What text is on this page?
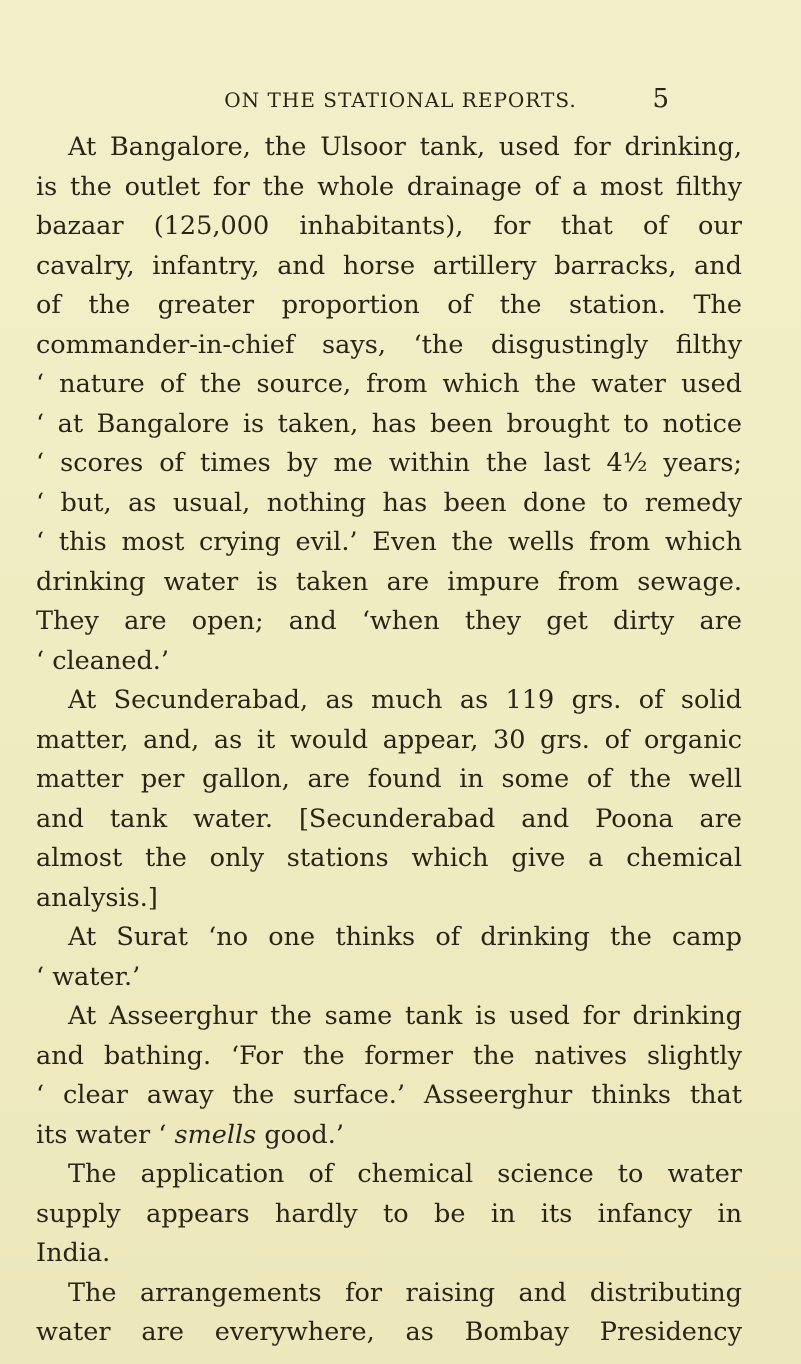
ON THE STATIONAL REPORTS.	5
At Bangalore, the Ulsoor tank, used for drinking,
is the outlet for the whole drainage of a most filthy
bazaar (125,000 inhabitants), for that of our
cavalry, infantry, and horse artillery barracks, and
of the greater proportion of the station. The
commander-in-chief says, ‘the disgustingly filthy
‘ nature of the source, from which the water used
‘ at Bangalore is taken, has been brought to notice
‘ scores of times by me within the last 4½ years;
‘ but, as usual, nothing has been done to remedy
‘ this most crying evil.’ Even the wells from which
drinking water is taken are impure from sewage.
They are open; and ‘when they get dirty are
‘ cleaned.’
At Secunderabad, as much as 119 grs. of solid
matter, and, as it would appear, 30 grs. of organic
matter per gallon, are found in some of the well
and tank water. [Secunderabad and Poona are
almost the only stations which give a chemical
analysis.]
At Surat ‘no one thinks of drinking the camp
‘ water.’
At Asseerghur the same tank is used for drinking
and bathing. ‘For the former the natives slightly
‘ clear away the surface.’ Asseerghur thinks that
its water ‘ smells good.’
The application of chemical science to water
supply appears hardly to be in its infancy in
India.
The arrangements for raising and distributing
water are everywhere, as Bombay Presidency
